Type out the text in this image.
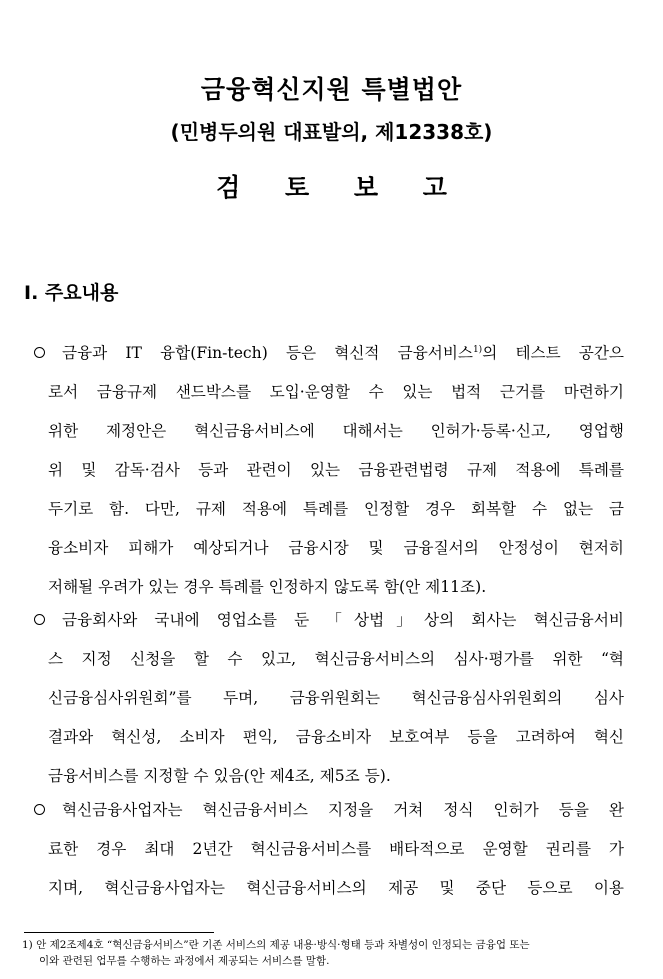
금융혁신지원 특별법안
(민병두의원 대표발의, 제12338호)
검 토 보 고
Ⅰ. 주요내용
금융과 IT 융합(Fin-tech) 등은 혁신적 금융서비스$^{1)}$의 테스트 공간으
로서 금융규제 샌드박스를 도입·운영할 수 있는 법적 근거를 마련하기
위한 제정안은 혁신금융서비스에 대해서는 인허가·등록·신고, 영업행
위 및 감독·검사 등과 관련이 있는 금융관련법령 규제 적용에 특례를
두기로 함. 다만, 규제 적용에 특례를 인정할 경우 회복할 수 없는 금
융소비자 피해가 예상되거나 금융시장 및 금융질서의 안정성이 현저히
저해될 우려가 있는 경우 특례를 인정하지 않도록 함(안 제11조).
금융회사와 국내에 영업소를 둔 「상법」상의 회사는 혁신금융서비
스 지정 신청을 할 수 있고, 혁신금융서비스의 심사·평가를 위한 “혁
신금융심사위원회”를 두며, 금융위원회는 혁신금융심사위원회의 심사
결과와 혁신성, 소비자 편익, 금융소비자 보호여부 등을 고려하여 혁신
금융서비스를 지정할 수 있음(안 제4조, 제5조 등).
혁신금융사업자는 혁신금융서비스 지정을 거쳐 정식 인허가 등을 완
료한 경우 최대 2년간 혁신금융서비스를 배타적으로 운영할 권리를 가
지며, 혁신금융사업자는 혁신금융서비스의 제공 및 중단 등으로 이용
1) 안 제2조제4호 “혁신금융서비스”란 기존 서비스의 제공 내용·방식·형태 등과 차별성이 인정되는 금융업 또는
이와 관련된 업무를 수행하는 과정에서 제공되는 서비스를 말함.
